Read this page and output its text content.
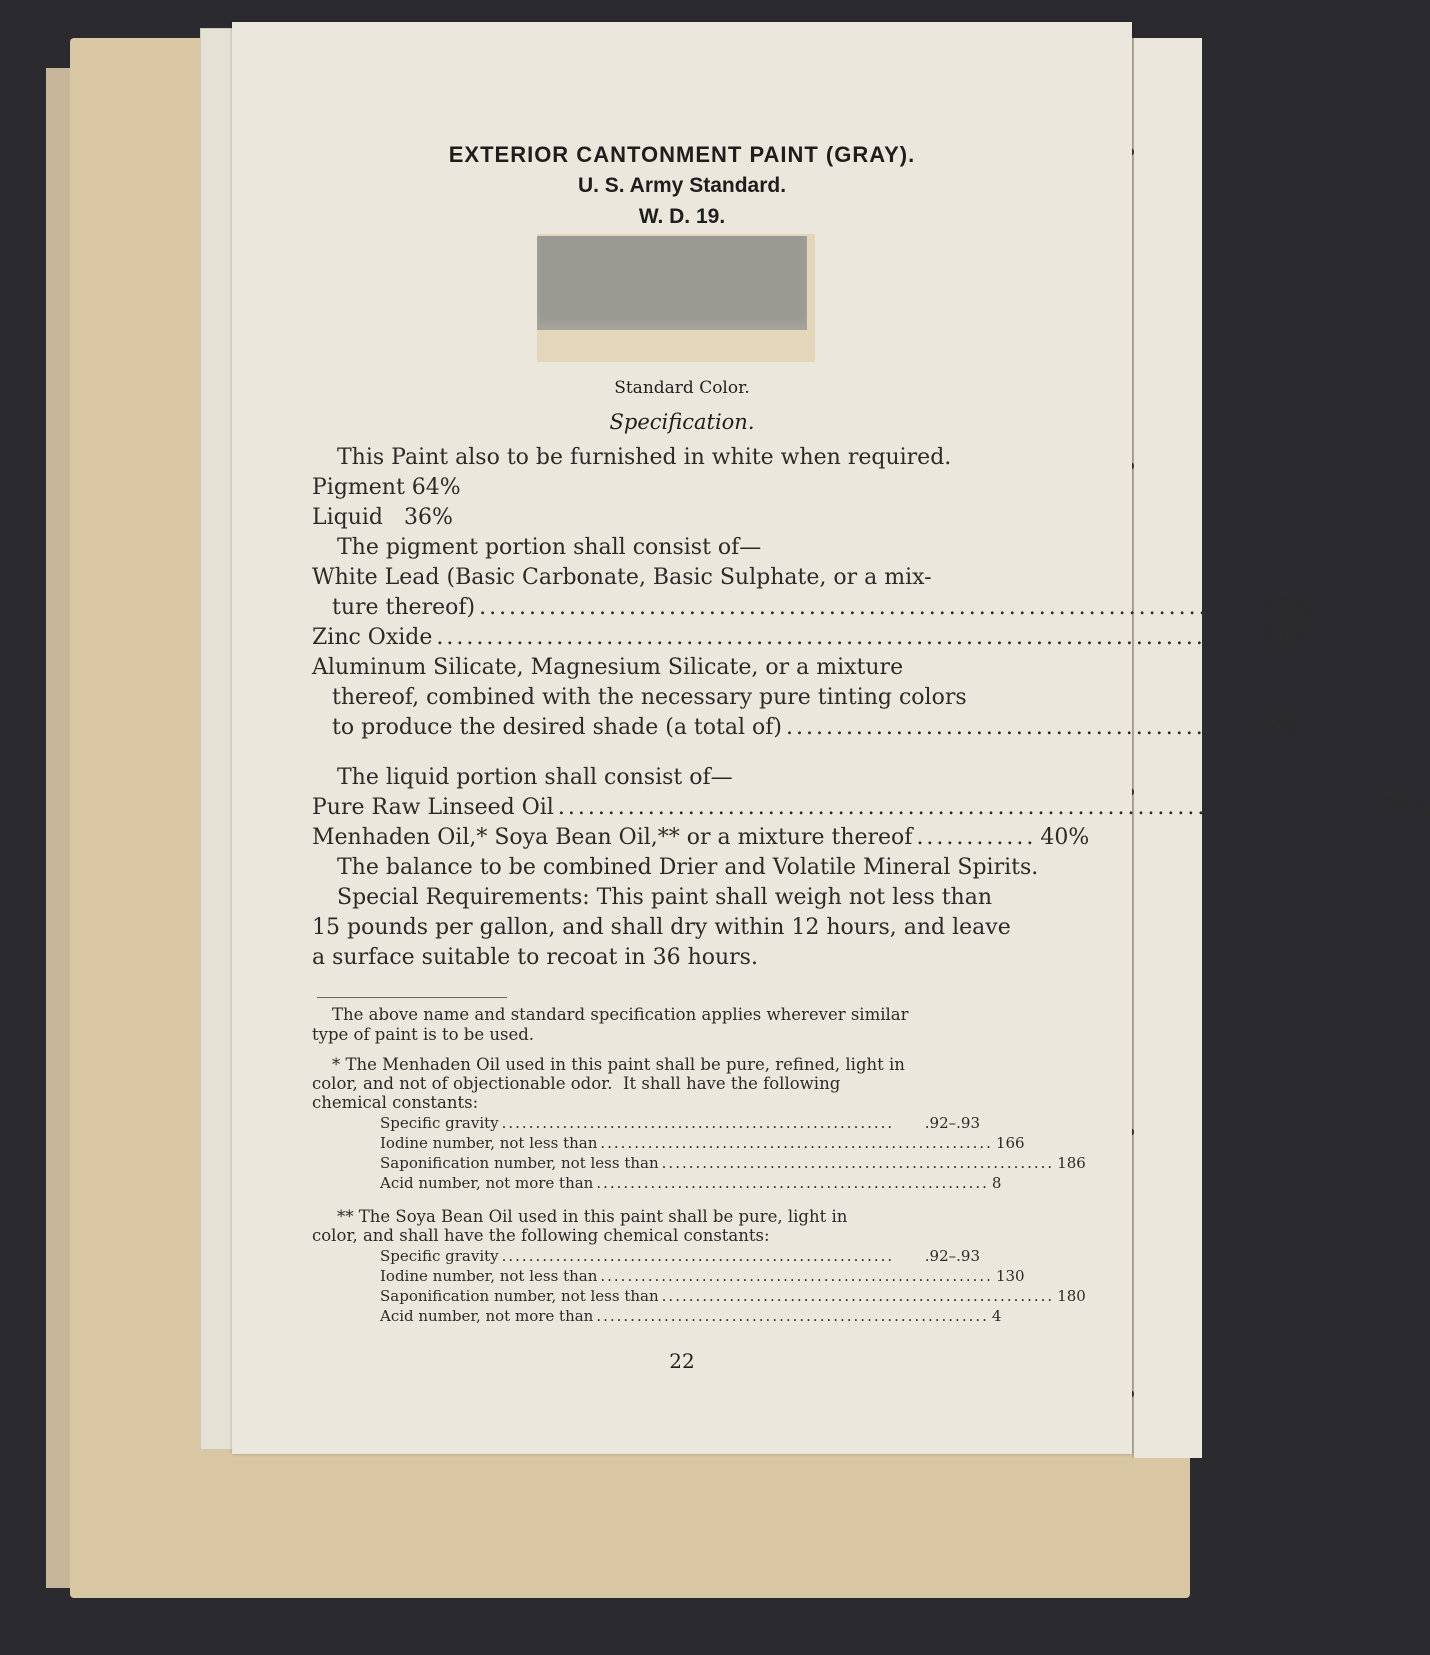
EXTERIOR CANTONMENT PAINT (GRAY).
U. S. Army Standard.
W. D. 19.
Standard Color.
Specification.
This Paint also to be furnished in white when required.
Pigment 64%
Liquid   36%
The pigment portion shall consist of—
White Lead (Basic Carbonate, Basic Sulphate, or a mix-
ture thereof) .............................................................................. 42%
Zinc Oxide .................................................................................. 33%
Aluminum Silicate, Magnesium Silicate, or a mixture
thereof, combined with the necessary pure tinting colors
to produce the desired shade (a total of) .............................................. 25%
The liquid portion shall consist of—
Pure Raw Linseed Oil .................................................................................. 20%
Menhaden Oil,* Soya Bean Oil,** or a mixture thereof ............ 40%
The balance to be combined Drier and Volatile Mineral Spirits.
Special Requirements: This paint shall weigh not less than
15 pounds per gallon, and shall dry within 12 hours, and leave
a surface suitable to recoat in 36 hours.
The above name and standard specification applies wherever similar
type of paint is to be used.
* The Menhaden Oil used in this paint shall be pure, refined, light in
color, and not of objectionable odor.  It shall have the following
chemical constants:
Specific gravity ..........................................................	.92–.93
Iodine number, not less than .......................................................... 166
Saponification number, not less than .......................................................... 186
Acid number, not more than .......................................................... 8
** The Soya Bean Oil used in this paint shall be pure, light in
color, and shall have the following chemical constants:
Specific gravity ..........................................................	.92–.93
Iodine number, not less than .......................................................... 130
Saponification number, not less than .......................................................... 180
Acid number, not more than .......................................................... 4
22
